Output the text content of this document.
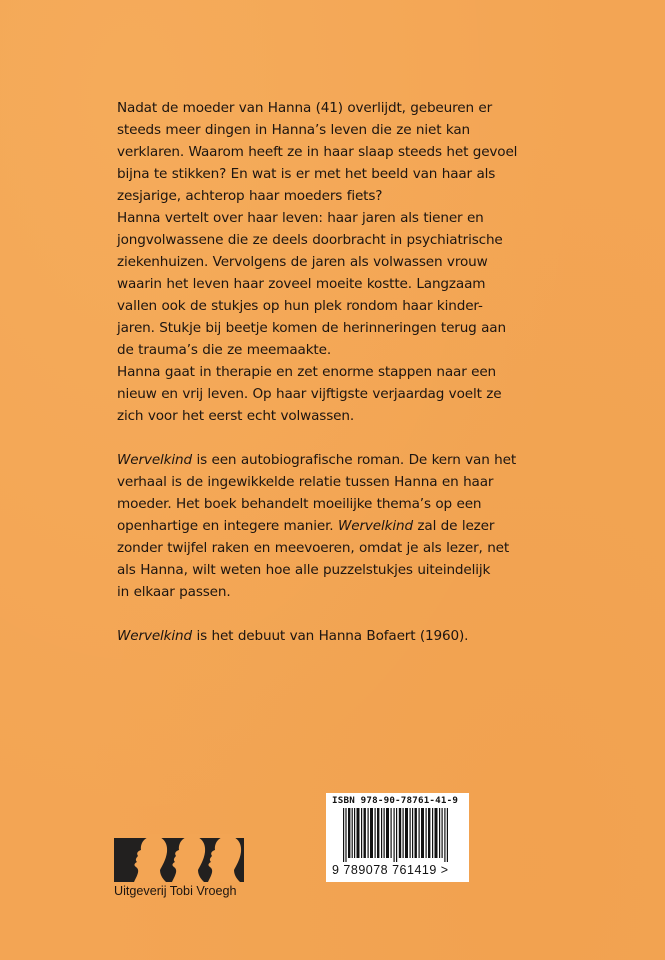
Nadat de moeder van Hanna (41) overlijdt, gebeuren er
steeds meer dingen in Hanna’s leven die ze niet kan
verklaren. Waarom heeft ze in haar slaap steeds het gevoel
bijna te stikken? En wat is er met het beeld van haar als
zesjarige, achterop haar moeders fiets?

Hanna vertelt over haar leven: haar jaren als tiener en
jongvolwassene die ze deels doorbracht in psychiatrische
ziekenhuizen. Vervolgens de jaren als volwassen vrouw
waarin het leven haar zoveel moeite kostte. Langzaam
vallen ook de stukjes op hun plek rondom haar kinder-
jaren. Stukje bij beetje komen de herinneringen terug aan
de trauma’s die ze meemaakte.

Hanna gaat in therapie en zet enorme stappen naar een
nieuw en vrij leven. Op haar vijftigste verjaardag voelt ze
zich voor het eerst echt volwassen.

Wervelkind is een autobiografische roman. De kern van het
verhaal is de ingewikkelde relatie tussen Hanna en haar
moeder. Het boek behandelt moeilijke thema’s op een
openhartige en integere manier. Wervelkind zal de lezer
zonder twijfel raken en meevoeren, omdat je als lezer, net
als Hanna, wilt weten hoe alle puzzelstukjes uiteindelijk
in elkaar passen.

Wervelkind is het debuut van Hanna Bofaert (1960).

ISBN 978-90-78761-41-9
9 789078 761419 >
Uitgeverij Tobi Vroegh
